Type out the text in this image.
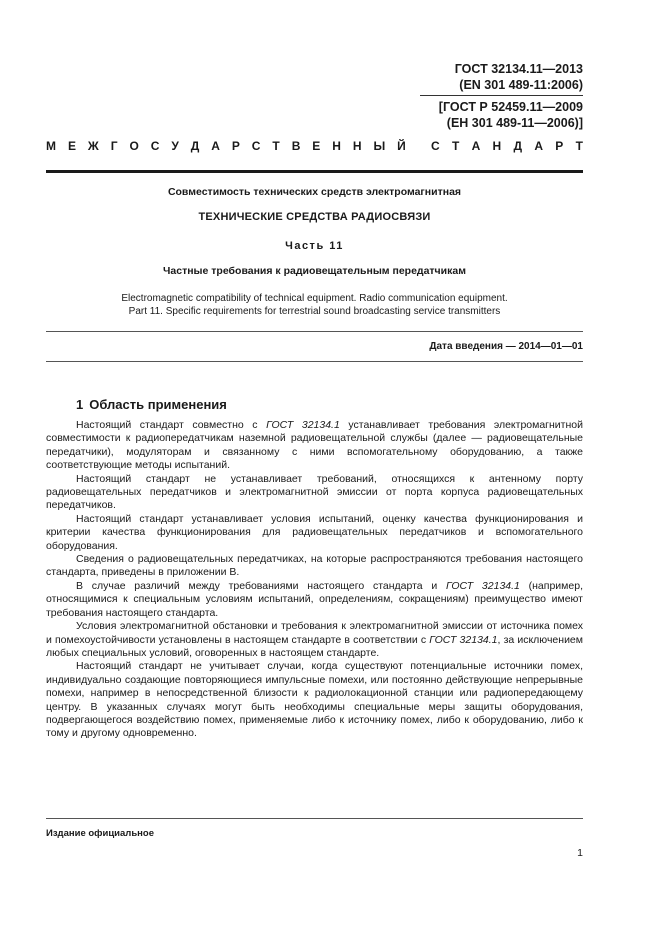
ГОСТ 32134.11—2013
(EN 301 489-11:2006)
[ГОСТ Р 52459.11—2009
(ЕН 301 489-11—2006)]
М Е Ж Г О С У Д А Р С Т В Е Н Н Ы Й С Т А Н Д А Р Т
Совместимость технических средств электромагнитная
ТЕХНИЧЕСКИЕ СРЕДСТВА РАДИОСВЯЗИ
Часть 11
Частные требования к радиовещательным передатчикам
Electromagnetic compatibility of technical equipment. Radio communication equipment.
Part 11. Specific requirements for terrestrial sound broadcasting service transmitters
Дата введения — 2014—01—01
1 Область применения

Настоящий стандарт совместно с ГОСТ 32134.1 устанавливает требования электромагнитной совместимости к радиопередатчикам наземной радиовещательной службы (далее — радиовещательные передатчики), модуляторам и связанному с ними вспомогательному оборудованию, а также соответствующие методы испытаний.

Настоящий стандарт не устанавливает требований, относящихся к антенному порту радиовещательных передатчиков и электромагнитной эмиссии от порта корпуса радиовещательных передатчиков.

Настоящий стандарт устанавливает условия испытаний, оценку качества функционирования и критерии качества функционирования для радиовещательных передатчиков и вспомогательного оборудования.

Сведения о радиовещательных передатчиках, на которые распространяются требования настоящего стандарта, приведены в приложении В.

В случае различий между требованиями настоящего стандарта и ГОСТ 32134.1 (например, относящимися к специальным условиям испытаний, определениям, сокращениям) преимущество имеют требования настоящего стандарта.

Условия электромагнитной обстановки и требования к электромагнитной эмиссии от источника помех и помехоустойчивости установлены в настоящем стандарте в соответствии с ГОСТ 32134.1, за исключением любых специальных условий, оговоренных в настоящем стандарте.

Настоящий стандарт не учитывает случаи, когда существуют потенциальные источники помех, индивидуально создающие повторяющиеся импульсные помехи, или постоянно действующие непрерывные помехи, например в непосредственной близости к радиолокационной станции или радиопередающему центру. В указанных случаях могут быть необходимы специальные меры защиты оборудования, подвергающегося воздействию помех, применяемые либо к источнику помех, либо к оборудованию, либо к тому и другому одновременно.

Издание официальное
1
